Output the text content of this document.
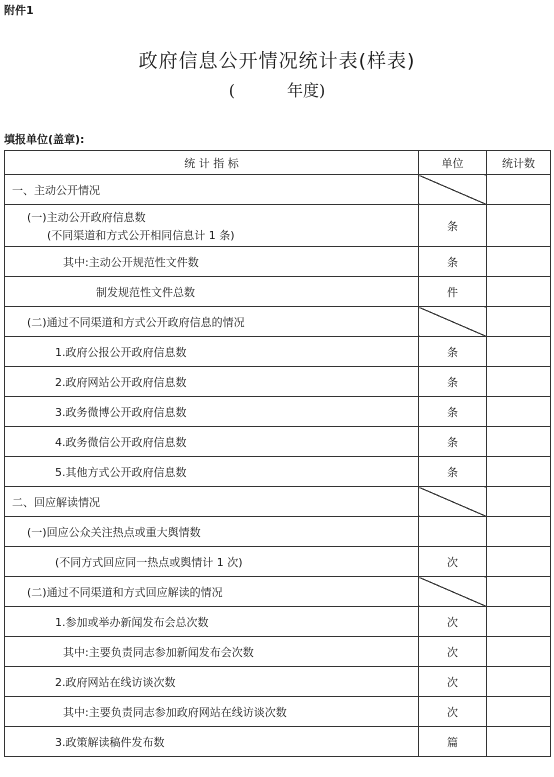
附件1
政府信息公开情况统计表(样表)
(	年度)
填报单位(盖章):
统 计 指 标	单位	统计数
一、主动公开情况		
(一)主动公开政府信息数
(不同渠道和方式公开相同信息计 1 条)	条	
其中:主动公开规范性文件数	条	
制发规范性文件总数	件	
(二)通过不同渠道和方式公开政府信息的情况		
1.政府公报公开政府信息数	条	
2.政府网站公开政府信息数	条	
3.政务微博公开政府信息数	条	
4.政务微信公开政府信息数	条	
5.其他方式公开政府信息数	条	
二、回应解读情况		
(一)回应公众关注热点或重大舆情数		
(不同方式回应同一热点或舆情计 1 次)	次	
(二)通过不同渠道和方式回应解读的情况		
1.参加或举办新闻发布会总次数	次	
其中:主要负责同志参加新闻发布会次数	次	
2.政府网站在线访谈次数	次	
其中:主要负责同志参加政府网站在线访谈次数	次	
3.政策解读稿件发布数	篇	
